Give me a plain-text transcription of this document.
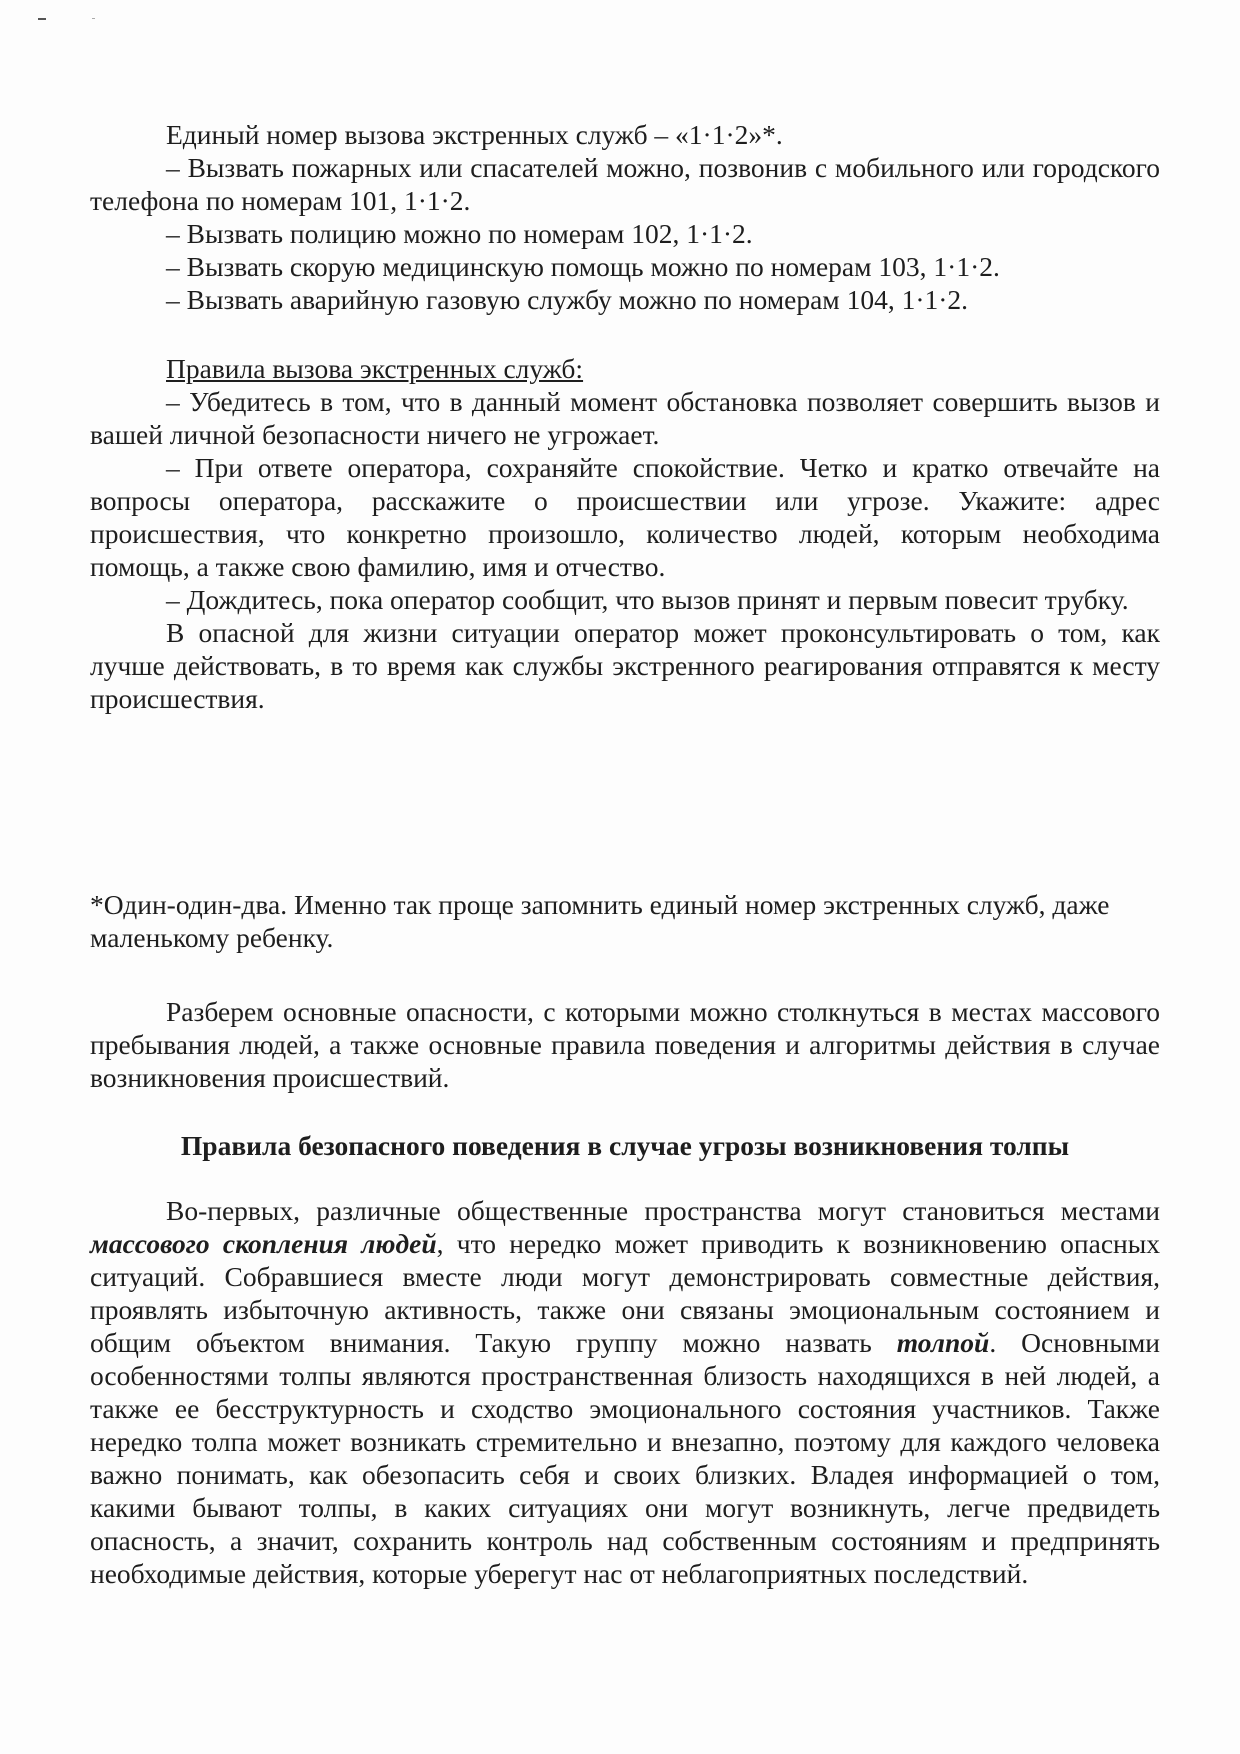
Единый номер вызова экстренных служб – «1·1·2»*.

– Вызвать пожарных или спасателей можно, позвонив с мобильного или городского телефона по номерам 101, 1·1·2.

– Вызвать полицию можно по номерам 102, 1·1·2.

– Вызвать скорую медицинскую помощь можно по номерам 103, 1·1·2.

– Вызвать аварийную газовую службу можно по номерам 104, 1·1·2.

Правила вызова экстренных служб:

– Убедитесь в том, что в данный момент обстановка позволяет совершить вызов и вашей личной безопасности ничего не угрожает.

– При ответе оператора, сохраняйте спокойствие. Четко и кратко отвечайте на вопросы оператора, расскажите о происшествии или угрозе. Укажите: адрес происшествия, что конкретно произошло, количество людей, которым необходима помощь, а также свою фамилию, имя и отчество.

– Дождитесь, пока оператор сообщит, что вызов принят и первым повесит трубку.

В опасной для жизни ситуации оператор может проконсультировать о том, как лучше действовать, в то время как службы экстренного реагирования отправятся к месту происшествия.

*Один-один-два. Именно так проще запомнить единый номер экстренных служб, даже маленькому ребенку.

Разберем основные опасности, с которыми можно столкнуться в местах массового пребывания людей, а также основные правила поведения и алгоритмы действия в случае возникновения происшествий.

Правила безопасного поведения в случае угрозы возникновения толпы

Во-первых, различные общественные пространства могут становиться местами массового скопления людей, что нередко может приводить к возникновению опасных ситуаций. Собравшиеся вместе люди могут демонстрировать совместные действия, проявлять избыточную активность, также они связаны эмоциональным состоянием и общим объектом внимания. Такую группу можно назвать толпой. Основными особенностями толпы являются пространственная близость находящихся в ней людей, а также ее бесструктурность и сходство эмоционального состояния участников. Также нередко толпа может возникать стремительно и внезапно, поэтому для каждого человека важно понимать, как обезопасить себя и своих близких. Владея информацией о том, какими бывают толпы, в каких ситуациях они могут возникнуть, легче предвидеть опасность, а значит, сохранить контроль над собственным состояниям и предпринять необходимые действия, которые уберегут нас от неблагоприятных последствий.
